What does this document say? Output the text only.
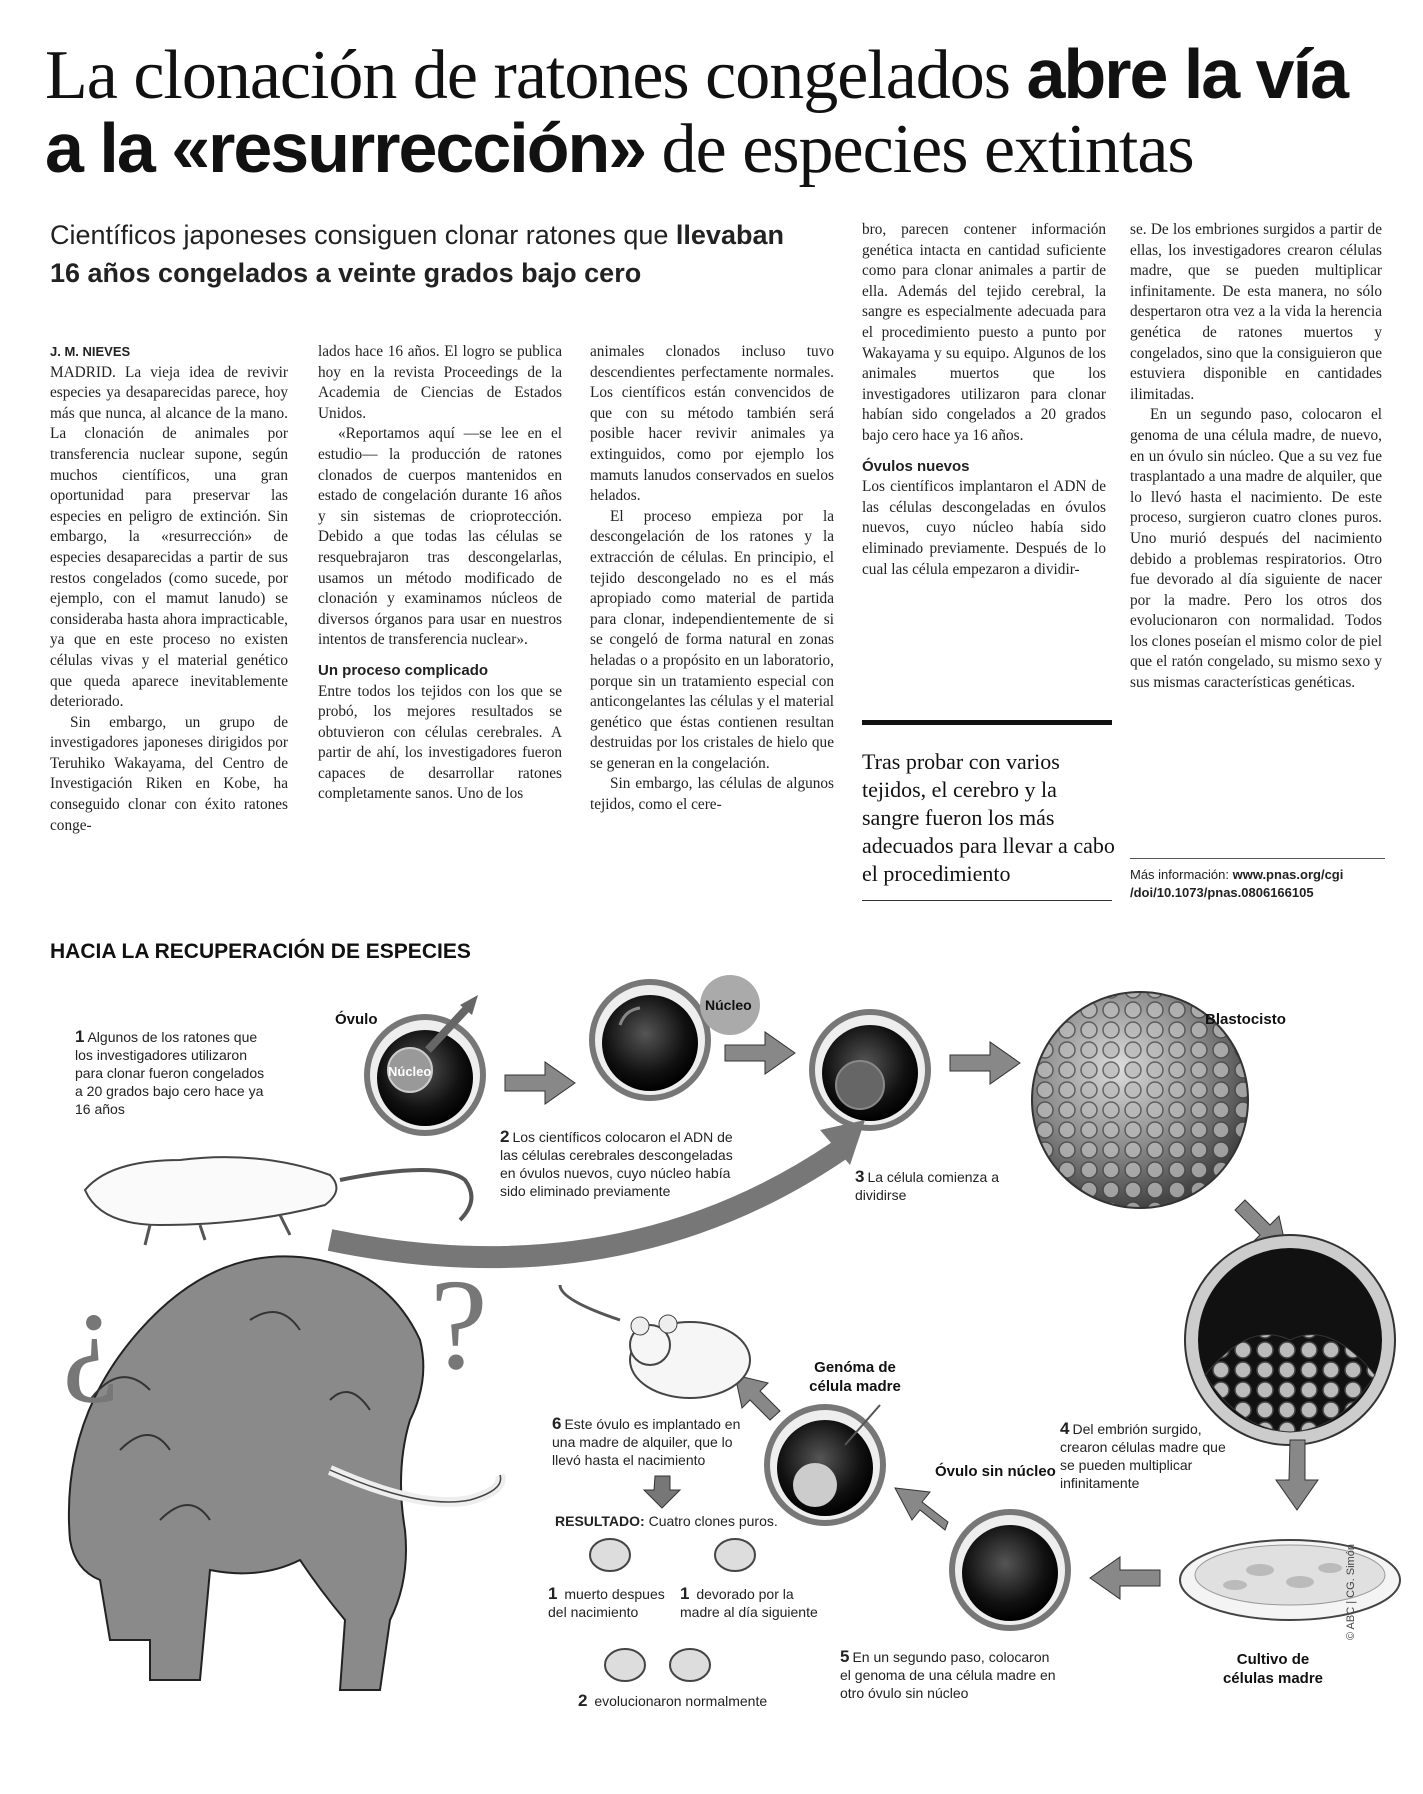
La clonación de ratones congelados abre la vía a la «resurrección» de especies extintas
Científicos japoneses consiguen clonar ratones que llevaban 16 años congelados a veinte grados bajo cero
J. M. NIEVES

MADRID. La vieja idea de revivir especies ya desaparecidas parece, hoy más que nunca, al alcance de la mano. La clonación de animales por transferencia nuclear supone, según muchos científicos, una gran oportunidad para preservar las especies en peligro de extinción. Sin embargo, la «resurrección» de especies desaparecidas a partir de sus restos congelados (como sucede, por ejemplo, con el mamut lanudo) se consideraba hasta ahora impracticable, ya que en este proceso no existen células vivas y el material genético que queda aparece inevitablemente deteriorado.

Sin embargo, un grupo de investigadores japoneses dirigidos por Teruhiko Wakayama, del Centro de Investigación Riken en Kobe, ha conseguido clonar con éxito ratones conge-

lados hace 16 años. El logro se publica hoy en la revista Proceedings de la Academia de Ciencias de Estados Unidos.

«Reportamos aquí —se lee en el estudio— la producción de ratones clonados de cuerpos mantenidos en estado de congelación durante 16 años y sin sistemas de crioprotección. Debido a que todas las células se resquebrajaron tras descongelarlas, usamos un método modificado de clonación y examinamos núcleos de diversos órganos para usar en nuestros intentos de transferencia nuclear».

Un proceso complicado

Entre todos los tejidos con los que se probó, los mejores resultados se obtuvieron con células cerebrales. A partir de ahí, los investigadores fueron capaces de desarrollar ratones completamente sanos. Uno de los

animales clonados incluso tuvo descendientes perfectamente normales. Los científicos están convencidos de que con su método también será posible hacer revivir animales ya extinguidos, como por ejemplo los mamuts lanudos conservados en suelos helados.

El proceso empieza por la descongelación de los ratones y la extracción de células. En principio, el tejido descongelado no es el más apropiado como material de partida para clonar, independientemente de si se congeló de forma natural en zonas heladas o a propósito en un laboratorio, porque sin un tratamiento especial con anticongelantes las células y el material genético que éstas contienen resultan destruidas por los cristales de hielo que se generan en la congelación.

Sin embargo, las células de algunos tejidos, como el cere-

bro, parecen contener información genética intacta en cantidad suficiente como para clonar animales a partir de ella. Además del tejido cerebral, la sangre es especialmente adecuada para el procedimiento puesto a punto por Wakayama y su equipo. Algunos de los animales muertos que los investigadores utilizaron para clonar habían sido congelados a 20 grados bajo cero hace ya 16 años.

Óvulos nuevos

Los científicos implantaron el ADN de las células descongeladas en óvulos nuevos, cuyo núcleo había sido eliminado previamente. Después de lo cual las célula empezaron a dividir-

Tras probar con varios tejidos, el cerebro y la sangre fueron los más adecuados para llevar a cabo el procedimiento

se. De los embriones surgidos a partir de ellas, los investigadores crearon células madre, que se pueden multiplicar infinitamente. De esta manera, no sólo despertaron otra vez a la vida la herencia genética de ratones muertos y congelados, sino que la consiguieron que estuviera disponible en cantidades ilimitadas.

En un segundo paso, colocaron el genoma de una célula madre, de nuevo, en un óvulo sin núcleo. Que a su vez fue trasplantado a una madre de alquiler, que lo llevó hasta el nacimiento. De este proceso, surgieron cuatro clones puros. Uno murió después del nacimiento debido a problemas respiratorios. Otro fue devorado al día siguiente de nacer por la madre. Pero los otros dos evolucionaron con normalidad. Todos los clones poseían el mismo color de piel que el ratón congelado, su mismo sexo y sus mismas características genéticas.

Más información: www.pnas.org/cgi
/doi/10.1073/pnas.0806166105
HACIA LA RECUPERACIÓN DE ESPECIES
1 Algunos de los ratones que los investigadores utilizaron para clonar fueron congelados a 20 grados bajo cero hace ya 16 años
Óvulo
Núcleo
Núcleo
Blastocisto
2 Los científicos colocaron el ADN de las células cerebrales descongeladas en óvulos nuevos, cuyo núcleo había sido eliminado previamente
3 La célula comienza a dividirse
¿ ?	Genóma de célula madre
Óvulo sin núcleo
Cultivo de células madre
4 Del embrión surgido, crearon células madre que se pueden multiplicar infinitamente
5 En un segundo paso, colocaron el genoma de una célula madre en otro óvulo sin núcleo
6 Este óvulo es implantado en una madre de alquiler, que lo llevó hasta el nacimiento
RESULTADO: Cuatro clones puros.
1 muerto despues del nacimiento
1 devorado por la madre al día siguiente
2 evolucionaron normalmente
© ABC | CG. Simón
